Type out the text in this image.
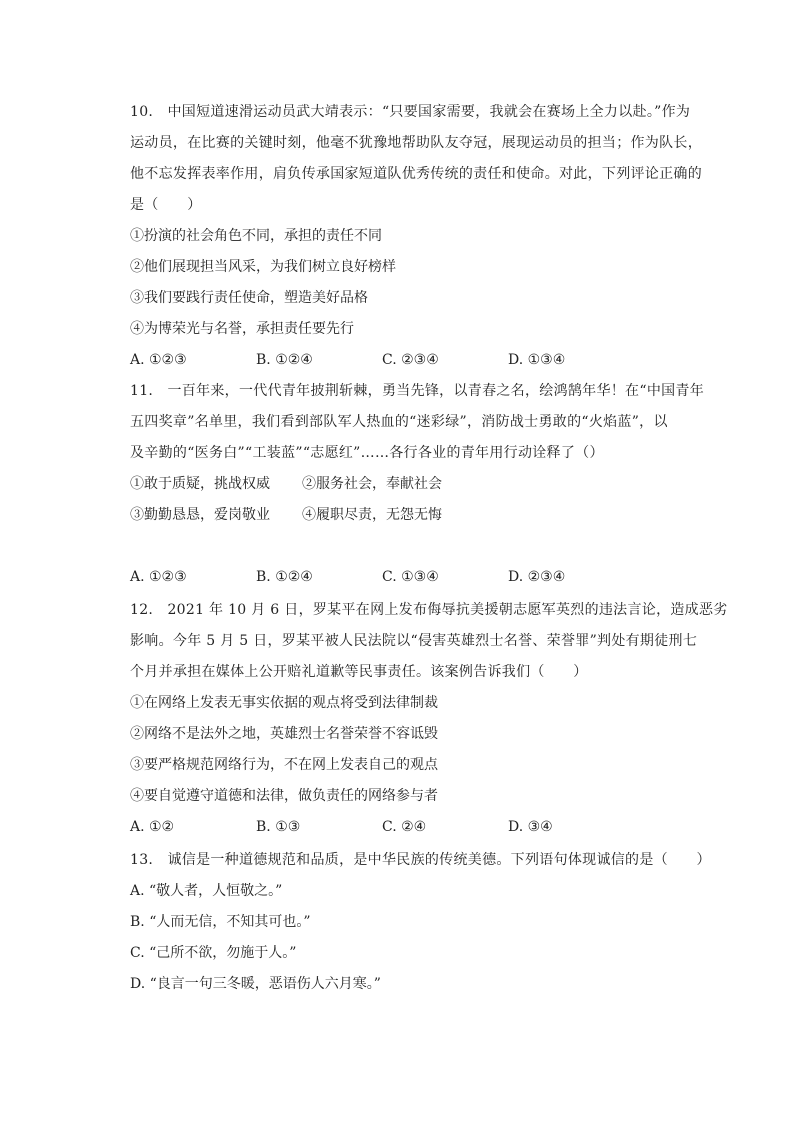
10.　中国短道速滑运动员武大靖表示：“只要国家需要，我就会在赛场上全力以赴。”作为
运动员，在比赛的关键时刻，他毫不犹豫地帮助队友夺冠，展现运动员的担当；作为队长，
他不忘发挥表率作用，肩负传承国家短道队优秀传统的责任和使命。对此，下列评论正确的
是（　　）
①扮演的社会角色不同，承担的责任不同
②他们展现担当风采，为我们树立良好榜样
③我们要践行责任使命，塑造美好品格
④为博荣光与名誉，承担责任要先行
A. ①②③	B. ①②④	C. ②③④	D. ①③④
11.　一百年来，一代代青年披荆斩棘，勇当先锋，以青春之名，绘鸿鹄年华！在“中国青年
五四奖章”名单里，我们看到部队军人热血的“迷彩绿”，消防战士勇敢的“火焰蓝”，以
及辛勤的“医务白”“工装蓝”“志愿红”……各行各业的青年用行动诠释了（）
①敢于质疑，挑战权威 ②服务社会，奉献社会
③勤勤恳恳，爱岗敬业 ④履职尽责，无怨无悔
A. ①②③	B. ①②④	C. ①③④	D. ②③④
12.　2021 年 10 月 6 日，罗某平在网上发布侮辱抗美援朝志愿军英烈的违法言论，造成恶劣
影响。今年 5 月 5 日，罗某平被人民法院以“侵害英雄烈士名誉、荣誉罪”判处有期徒刑七
个月并承担在媒体上公开赔礼道歉等民事责任。该案例告诉我们（　　）
①在网络上发表无事实依据的观点将受到法律制裁
②网络不是法外之地，英雄烈士名誉荣誉不容诋毁
③要严格规范网络行为，不在网上发表自己的观点
④要自觉遵守道德和法律，做负责任的网络参与者
A. ①②	B. ①③	C. ②④	D. ③④
13.　诚信是一种道德规范和品质，是中华民族的传统美德。下列语句体现诚信的是（　　）
A. “敬人者，人恒敬之。”
B. “人而无信，不知其可也。”
C. “己所不欲，勿施于人。”
D. “良言一句三冬暖，恶语伤人六月寒。”
